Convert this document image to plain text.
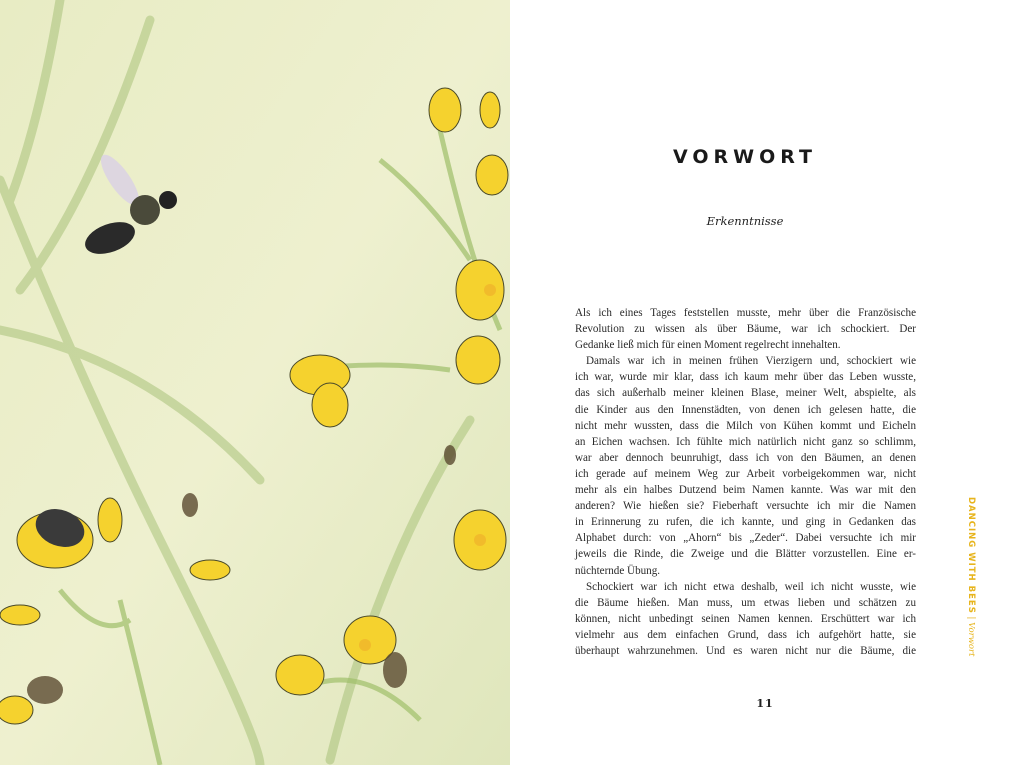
VORWORT
Erkenntnisse
Als ich eines Tages feststellen musste, mehr über die Französische
Revolution zu wissen als über Bäume, war ich schockiert. Der
Gedanke ließ mich für einen Moment regelrecht innehalten.
Damals war ich in meinen frühen Vierzigern und, schockiert wie
ich war, wurde mir klar, dass ich kaum mehr über das Leben wusste,
das sich außerhalb meiner kleinen Blase, meiner Welt, abspielte, als
die Kinder aus den Innenstädten, von denen ich gelesen hatte, die
nicht mehr wussten, dass die Milch von Kühen kommt und Eicheln
an Eichen wachsen. Ich fühlte mich natürlich nicht ganz so schlimm,
war aber dennoch beunruhigt, dass ich von den Bäumen, an denen
ich gerade auf meinem Weg zur Arbeit vorbeigekommen war, nicht
mehr als ein halbes Dutzend beim Namen kannte. Was war mit den
anderen? Wie hießen sie? Fieberhaft versuchte ich mir die Namen
in Erinnerung zu rufen, die ich kannte, und ging in Gedanken das
Alphabet durch: von „Ahorn“ bis „Zeder“. Dabei versuchte ich mir
jeweils die Rinde, die Zweige und die Blätter vorzustellen. Eine er-
nüchternde Übung.
Schockiert war ich nicht etwa deshalb, weil ich nicht wusste, wie
die Bäume hießen. Man muss, um etwas lieben und schätzen zu
können, nicht unbedingt seinen Namen kennen. Erschüttert war ich
vielmehr aus dem einfachen Grund, dass ich aufgehört hatte, sie
überhaupt wahrzunehmen. Und es waren nicht nur die Bäume, die
11
DANCING WITH BEES | Vorwort
